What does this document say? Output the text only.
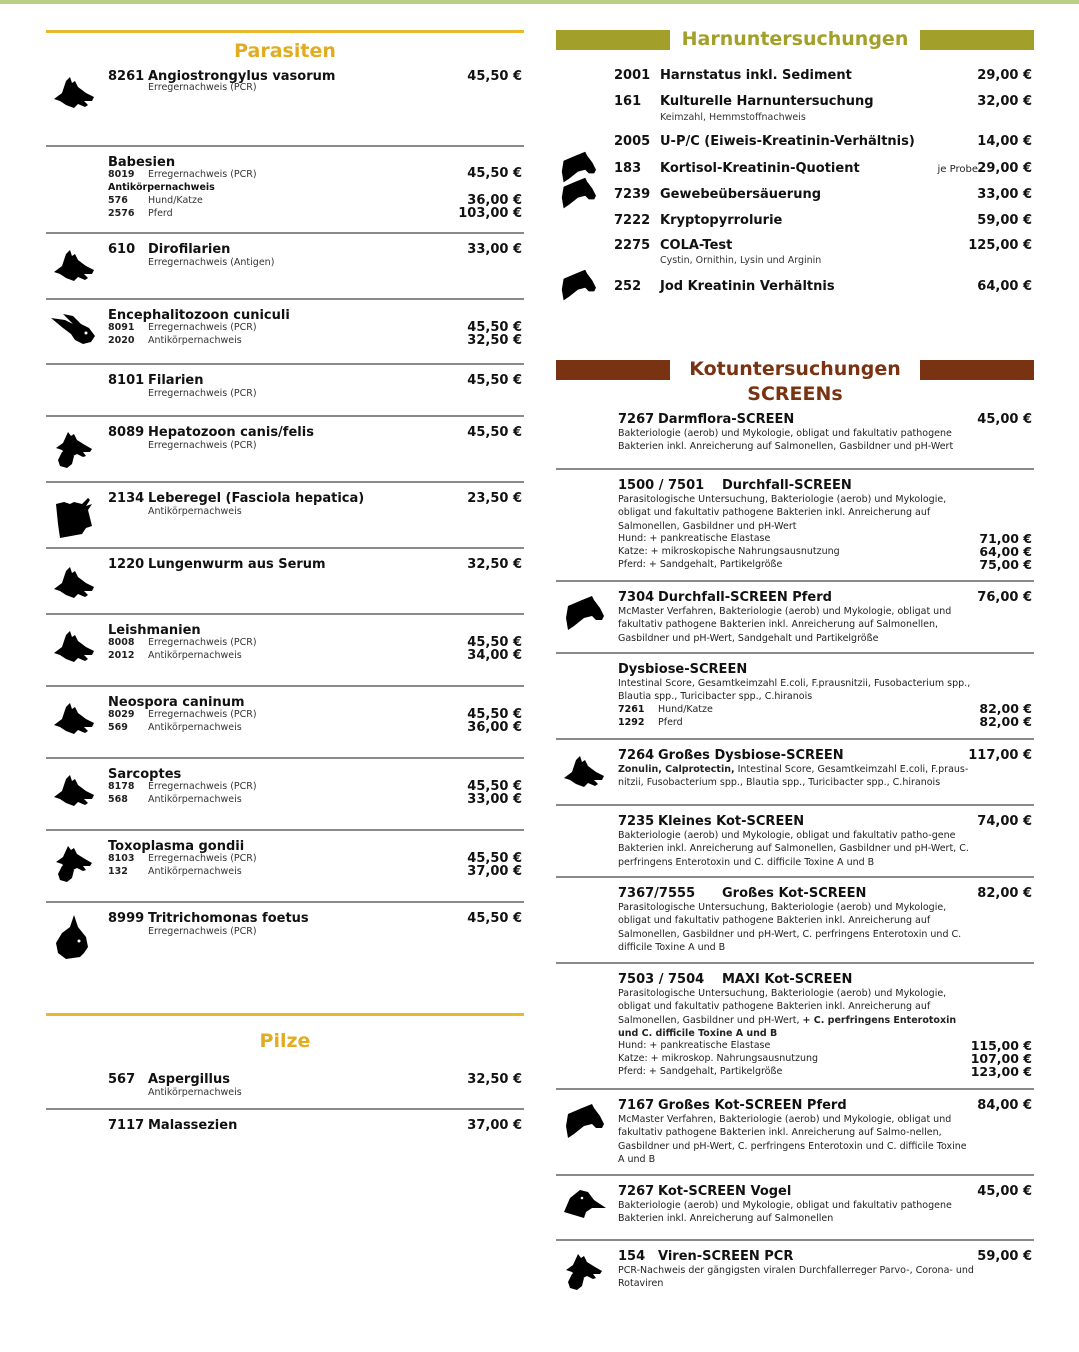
Parasiten
8261 Angiostrongylus vasorum	45,50 €
Erregernachweis (PCR)
Babesien
8019 Erregernachweis (PCR)	45,50 €
Antikörpernachweis
576 Hund/Katze	36,00 €
2576 Pferd	103,00 €
610 Dirofilarien	33,00 €
Erregernachweis (Antigen)
Encephalitozoon cuniculi
8091 Erregernachweis (PCR)	45,50 €
2020 Antikörpernachweis	32,50 €
8101 Filarien	45,50 €
Erregernachweis (PCR)
8089 Hepatozoon canis/felis	45,50 €
Erregernachweis (PCR)
2134 Leberegel (Fasciola hepatica)	23,50 €
Antikörpernachweis
1220 Lungenwurm aus Serum	32,50 €
Leishmanien
8008 Erregernachweis (PCR)	45,50 €
2012 Antikörpernachweis	34,00 €
Neospora caninum
8029 Erregernachweis (PCR)	45,50 €
569 Antikörpernachweis	36,00 €
Sarcoptes
8178 Erregernachweis (PCR)	45,50 €
568 Antikörpernachweis	33,00 €
Toxoplasma gondii
8103 Erregernachweis (PCR)	45,50 €
132 Antikörpernachweis	37,00 €
8999 Tritrichomonas foetus	45,50 €
Erregernachweis (PCR)
Pilze
567 Aspergillus	32,50 €
Antikörpernachweis
7117 Malassezien	37,00 €
Harnuntersuchungen
2001 Harnstatus inkl. Sediment	29,00 €
161 Kulturelle Harnuntersuchung	32,00 €
Keimzahl, Hemmstoffnachweis
2005 U-P/C (Eiweis-Kreatinin-Verhältnis)	14,00 €
183 Kortisol-Kreatinin-Quotient	je Probe 29,00 €
7239 Gewebeübersäuerung	33,00 €
7222 Kryptopyrrolurie	59,00 €
2275 COLA-Test	125,00 €
Cystin, Ornithin, Lysin und Arginin
252 Jod Kreatinin Verhältnis	64,00 €
Kotuntersuchungen
SCREENs
7267 Darmflora-SCREEN	45,00 €
Bakteriologie (aerob) und Mykologie, obligat und fakultativ pathogene Bakterien inkl. Anreicherung auf Salmonellen, Gasbildner und pH-Wert
1500 / 7501 Durchfall-SCREEN
Parasitologische Untersuchung, Bakteriologie (aerob) und Mykologie, obligat und fakultativ pathogene Bakterien inkl. Anreicherung auf Salmonellen, Gasbildner und pH-Wert
Hund: + pankreatische Elastase	71,00 €
Katze: + mikroskopische Nahrungsausnutzung	64,00 €
Pferd: + Sandgehalt, Partikelgröße	75,00 €
7304 Durchfall-SCREEN Pferd	76,00 €
McMaster Verfahren, Bakteriologie (aerob) und Mykologie, obligat und fakultativ pathogene Bakterien inkl. Anreicherung auf Salmonellen, Gasbildner und pH-Wert, Sandgehalt und Partikelgröße
Dysbiose-SCREEN
Intestinal Score, Gesamtkeimzahl E.coli, F.prausnitzii, Fusobacterium spp., Blautia spp., Turicibacter spp., C.hiranois
7261 Hund/Katze	82,00 €
1292 Pferd	82,00 €
7264 Großes Dysbiose-SCREEN	117,00 €
Zonulin, Calprotectin, Intestinal Score, Gesamtkeimzahl E.coli, F.praus-nitzii, Fusobacterium spp., Blautia spp., Turicibacter spp., C.hiranois
7235 Kleines Kot-SCREEN	74,00 €
Bakteriologie (aerob) und Mykologie, obligat und fakultativ patho-gene Bakterien inkl. Anreicherung auf Salmonellen, Gasbildner und pH-Wert, C. perfringens Enterotoxin und C. difficile Toxine A und B
7367/7555 Großes Kot-SCREEN	82,00 €
Parasitologische Untersuchung, Bakteriologie (aerob) und Mykologie, obligat und fakultativ pathogene Bakterien inkl. Anreicherung auf Salmonellen, Gasbildner und pH-Wert, C. perfringens Enterotoxin und C. difficile Toxine A und B
7503 / 7504 MAXI Kot-SCREEN
Parasitologische Untersuchung, Bakteriologie (aerob) und Mykologie, obligat und fakultativ pathogene Bakterien inkl. Anreicherung auf Salmonellen, Gasbildner und pH-Wert, + C. perfringens Enterotoxin und C. difficile Toxine A und B
Hund: + pankreatische Elastase	115,00 €
Katze: + mikroskop. Nahrungsausnutzung	107,00 €
Pferd: + Sandgehalt, Partikelgröße	123,00 €
7167 Großes Kot-SCREEN Pferd	84,00 €
McMaster Verfahren, Bakteriologie (aerob) und Mykologie, obligat und fakultativ pathogene Bakterien inkl. Anreicherung auf Salmo-nellen, Gasbildner und pH-Wert, C. perfringens Enterotoxin und C. difficile Toxine A und B
7267 Kot-SCREEN Vogel	45,00 €
Bakteriologie (aerob) und Mykologie, obligat und fakultativ pathogene Bakterien inkl. Anreicherung auf Salmonellen
154 Viren-SCREEN PCR	59,00 €
PCR-Nachweis der gängigsten viralen Durchfallerreger Parvo-, Corona- und Rotaviren
